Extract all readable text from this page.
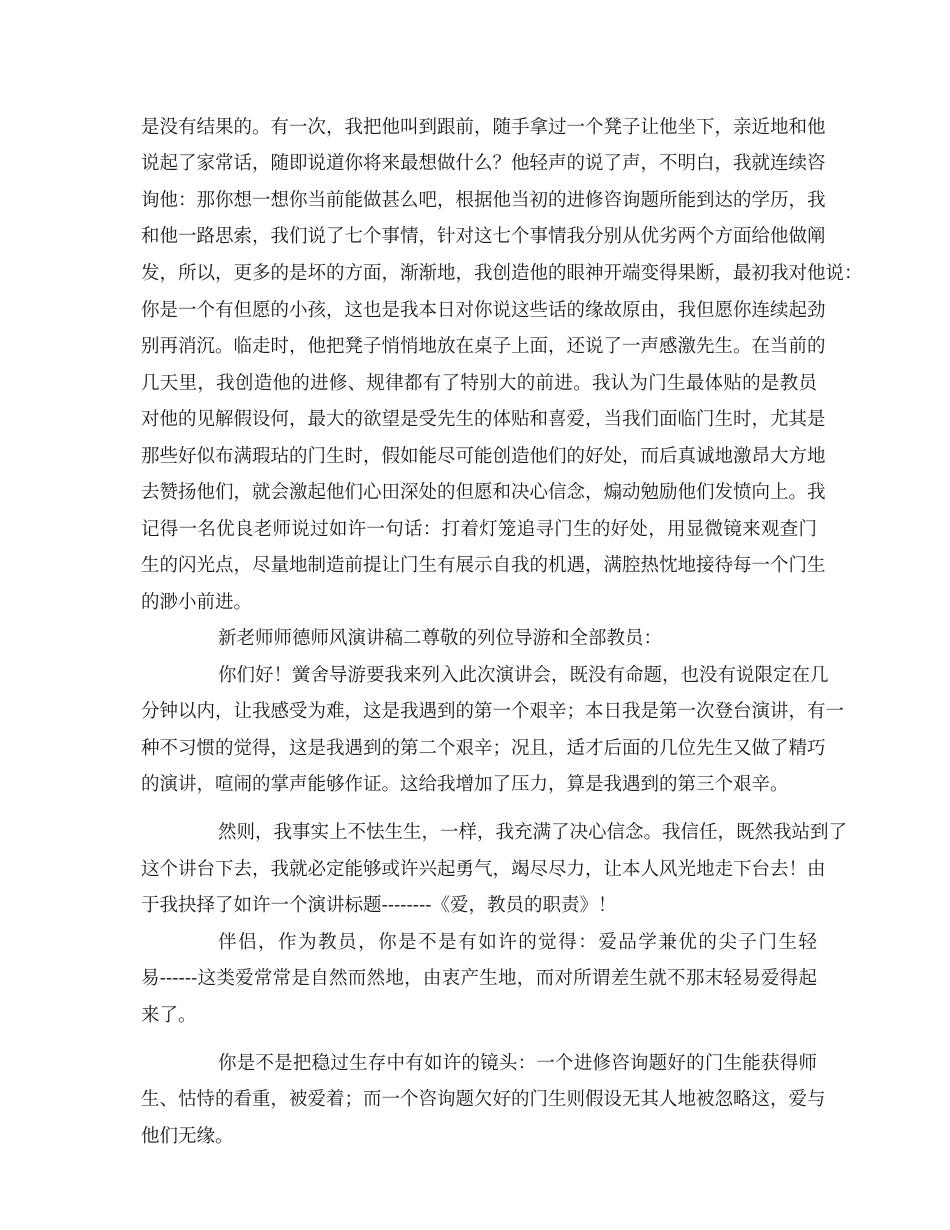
是没有结果的。有一次，我把他叫到跟前，随手拿过一个凳子让他坐下，亲近地和他
说起了家常话，随即说道你将来最想做什么？他轻声的说了声，不明白，我就连续咨
询他：那你想一想你当前能做甚么吧，根据他当初的进修咨询题所能到达的学历，我
和他一路思索，我们说了七个事情，针对这七个事情我分别从优劣两个方面给他做阐
发，所以，更多的是坏的方面，渐渐地，我创造他的眼神开端变得果断，最初我对他说：
你是一个有但愿的小孩，这也是我本日对你说这些话的缘故原由，我但愿你连续起劲
别再消沉。临走时，他把凳子悄悄地放在桌子上面，还说了一声感激先生。在当前的
几天里，我创造他的进修、规律都有了特别大的前进。我认为门生最体贴的是教员
对他的见解假设何，最大的欲望是受先生的体贴和喜爱，当我们面临门生时，尤其是
那些好似布满瑕玷的门生时，假如能尽可能创造他们的好处，而后真诚地激昂大方地
去赞扬他们，就会激起他们心田深处的但愿和决心信念，煽动勉励他们发愤向上。我
记得一名优良老师说过如许一句话：打着灯笼追寻门生的好处，用显微镜来观查门
生的闪光点，尽量地制造前提让门生有展示自我的机遇，满腔热忱地接待每一个门生
的渺小前进。
新老师师德师风演讲稿二尊敬的列位导游和全部教员：
你们好！黉舍导游要我来列入此次演讲会，既没有命题，也没有说限定在几
分钟以内，让我感受为难，这是我遇到的第一个艰辛；本日我是第一次登台演讲，有一
种不习惯的觉得，这是我遇到的第二个艰辛；况且，适才后面的几位先生又做了精巧
的演讲，喧闹的掌声能够作证。这给我增加了压力，算是我遇到的第三个艰辛。
然则，我事实上不怯生生，一样，我充满了决心信念。我信任，既然我站到了
这个讲台下去，我就必定能够或许兴起勇气，竭尽尽力，让本人风光地走下台去！由
于我抉择了如许一个演讲标题--------《爱，教员的职责》！
伴侣，作为教员，你是不是有如许的觉得：爱品学兼优的尖子门生轻
易------这类爱常常是自然而然地，由衷产生地，而对所谓差生就不那末轻易爱得起
来了。
你是不是把稳过生存中有如许的镜头：一个进修咨询题好的门生能获得师
生、怙恃的看重，被爱着；而一个咨询题欠好的门生则假设无其人地被忽略这，爱与
他们无缘。
